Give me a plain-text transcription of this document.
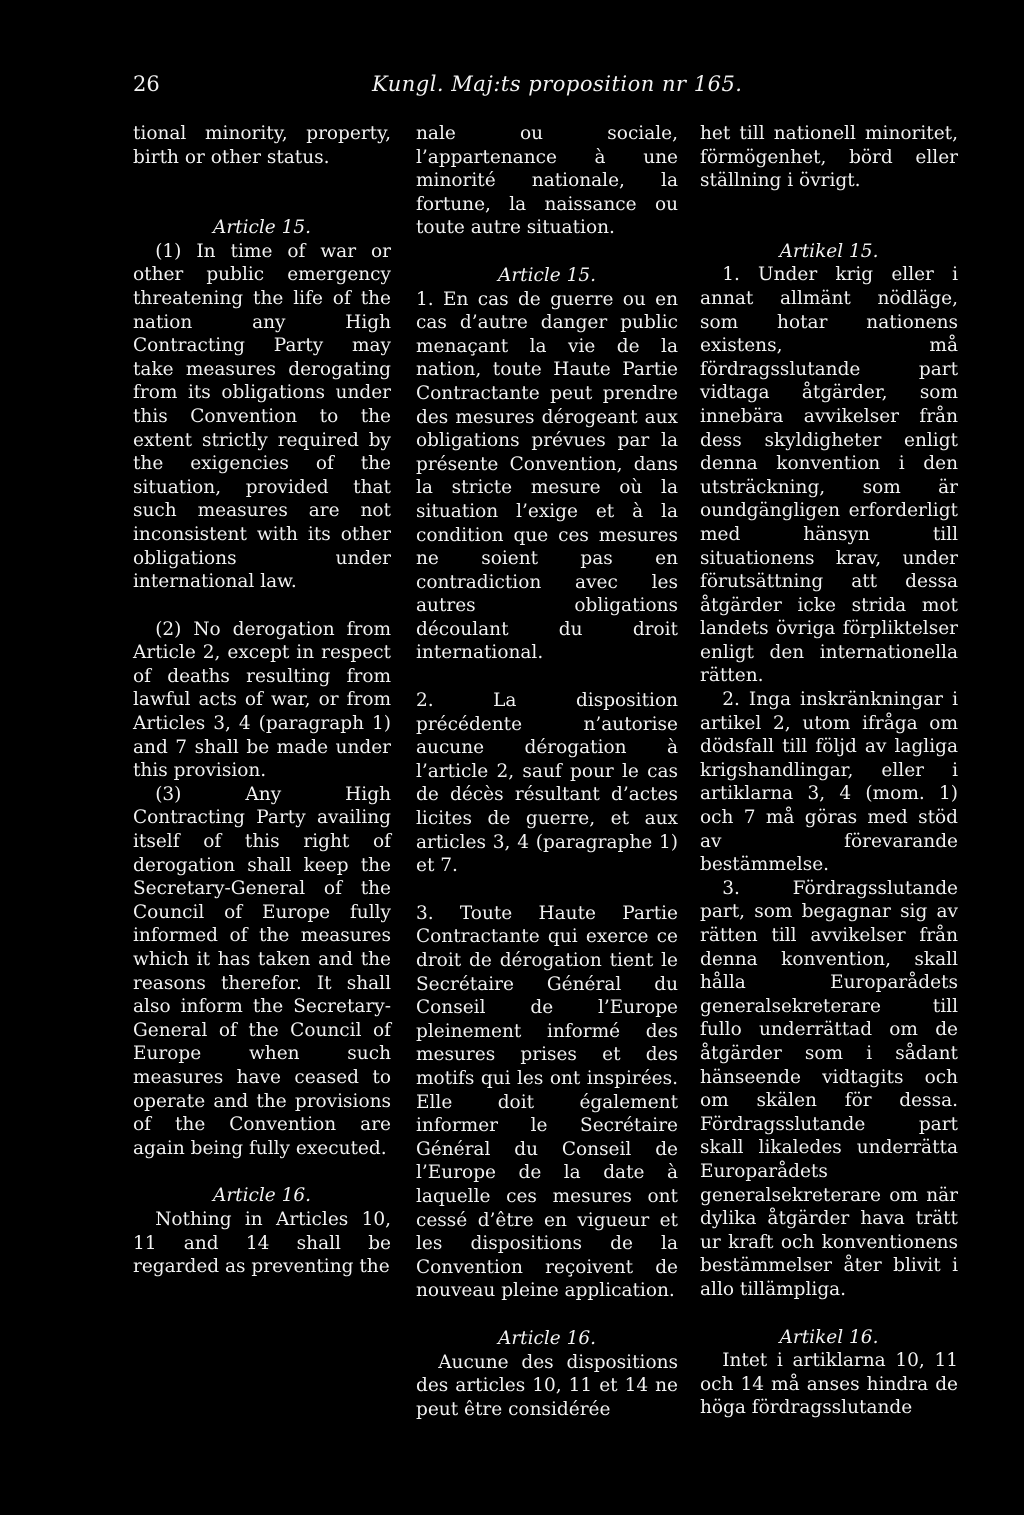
26	Kungl. Maj:ts proposition nr 165.

tional minority, property, birth or other status.

Article 15.

(1) In time of war or other public emergency threatening the life of the nation any High Contracting Party may take measures derogating from its obligations under this Convention to the extent strictly required by the exigencies of the situation, provided that such measures are not inconsistent with its other obligations under international law.

(2) No derogation from Article 2, except in respect of deaths resulting from lawful acts of war, or from Articles 3, 4 (paragraph 1) and 7 shall be made under this provision.

(3) Any High Contracting Party availing itself of this right of derogation shall keep the Secretary-General of the Council of Europe fully informed of the measures which it has taken and the reasons therefor. It shall also inform the Secretary-General of the Council of Europe when such measures have ceased to operate and the provisions of the Convention are again being fully executed.

Article 16.

Nothing in Articles 10, 11 and 14 shall be regarded as preventing the

nale ou sociale, l’appartenance à une minorité nationale, la fortune, la naissance ou toute autre situation.

Article 15.

1. En cas de guerre ou en cas d’autre danger public menaçant la vie de la nation, toute Haute Partie Contractante peut prendre des mesures dérogeant aux obligations prévues par la présente Convention, dans la stricte mesure où la situation l’exige et à la condition que ces mesures ne soient pas en contradiction avec les autres obligations découlant du droit international.

2. La disposition précédente n’autorise aucune dérogation à l’article 2, sauf pour le cas de décès résultant d’actes licites de guerre, et aux articles 3, 4 (paragraphe 1) et 7.

3. Toute Haute Partie Contractante qui exerce ce droit de dérogation tient le Secrétaire Général du Conseil de l’Europe pleinement informé des mesures prises et des motifs qui les ont inspirées. Elle doit également informer le Secrétaire Général du Conseil de l’Europe de la date à laquelle ces mesures ont cessé d’être en vigueur et les dispositions de la Convention reçoivent de nouveau pleine application.

Article 16.

Aucune des dispositions des articles 10, 11 et 14 ne peut être considérée

het till nationell minoritet, förmögenhet, börd eller ställning i övrigt.

Artikel 15.

1. Under krig eller i annat allmänt nödläge, som hotar nationens existens, må fördragsslutande part vidtaga åtgärder, som innebära avvikelser från dess skyldigheter enligt denna konvention i den utsträckning, som är oundgängligen erforderligt med hänsyn till situationens krav, under förutsättning att dessa åtgärder icke strida mot landets övriga förpliktelser enligt den internationella rätten.

2. Inga inskränkningar i artikel 2, utom ifråga om dödsfall till följd av lagliga krigshandlingar, eller i artiklarna 3, 4 (mom. 1) och 7 må göras med stöd av förevarande bestämmelse.

3. Fördragsslutande part, som begagnar sig av rätten till avvikelser från denna konvention, skall hålla Europarådets generalsekreterare till fullo underrättad om de åtgärder som i sådant hänseende vidtagits och om skälen för dessa. Fördragsslutande part skall likaledes underrätta Europarådets generalsekreterare om när dylika åtgärder hava trätt ur kraft och konventionens bestämmelser åter blivit i allo tillämpliga.

Artikel 16.

Intet i artiklarna 10, 11 och 14 må anses hindra de höga fördragsslutande
